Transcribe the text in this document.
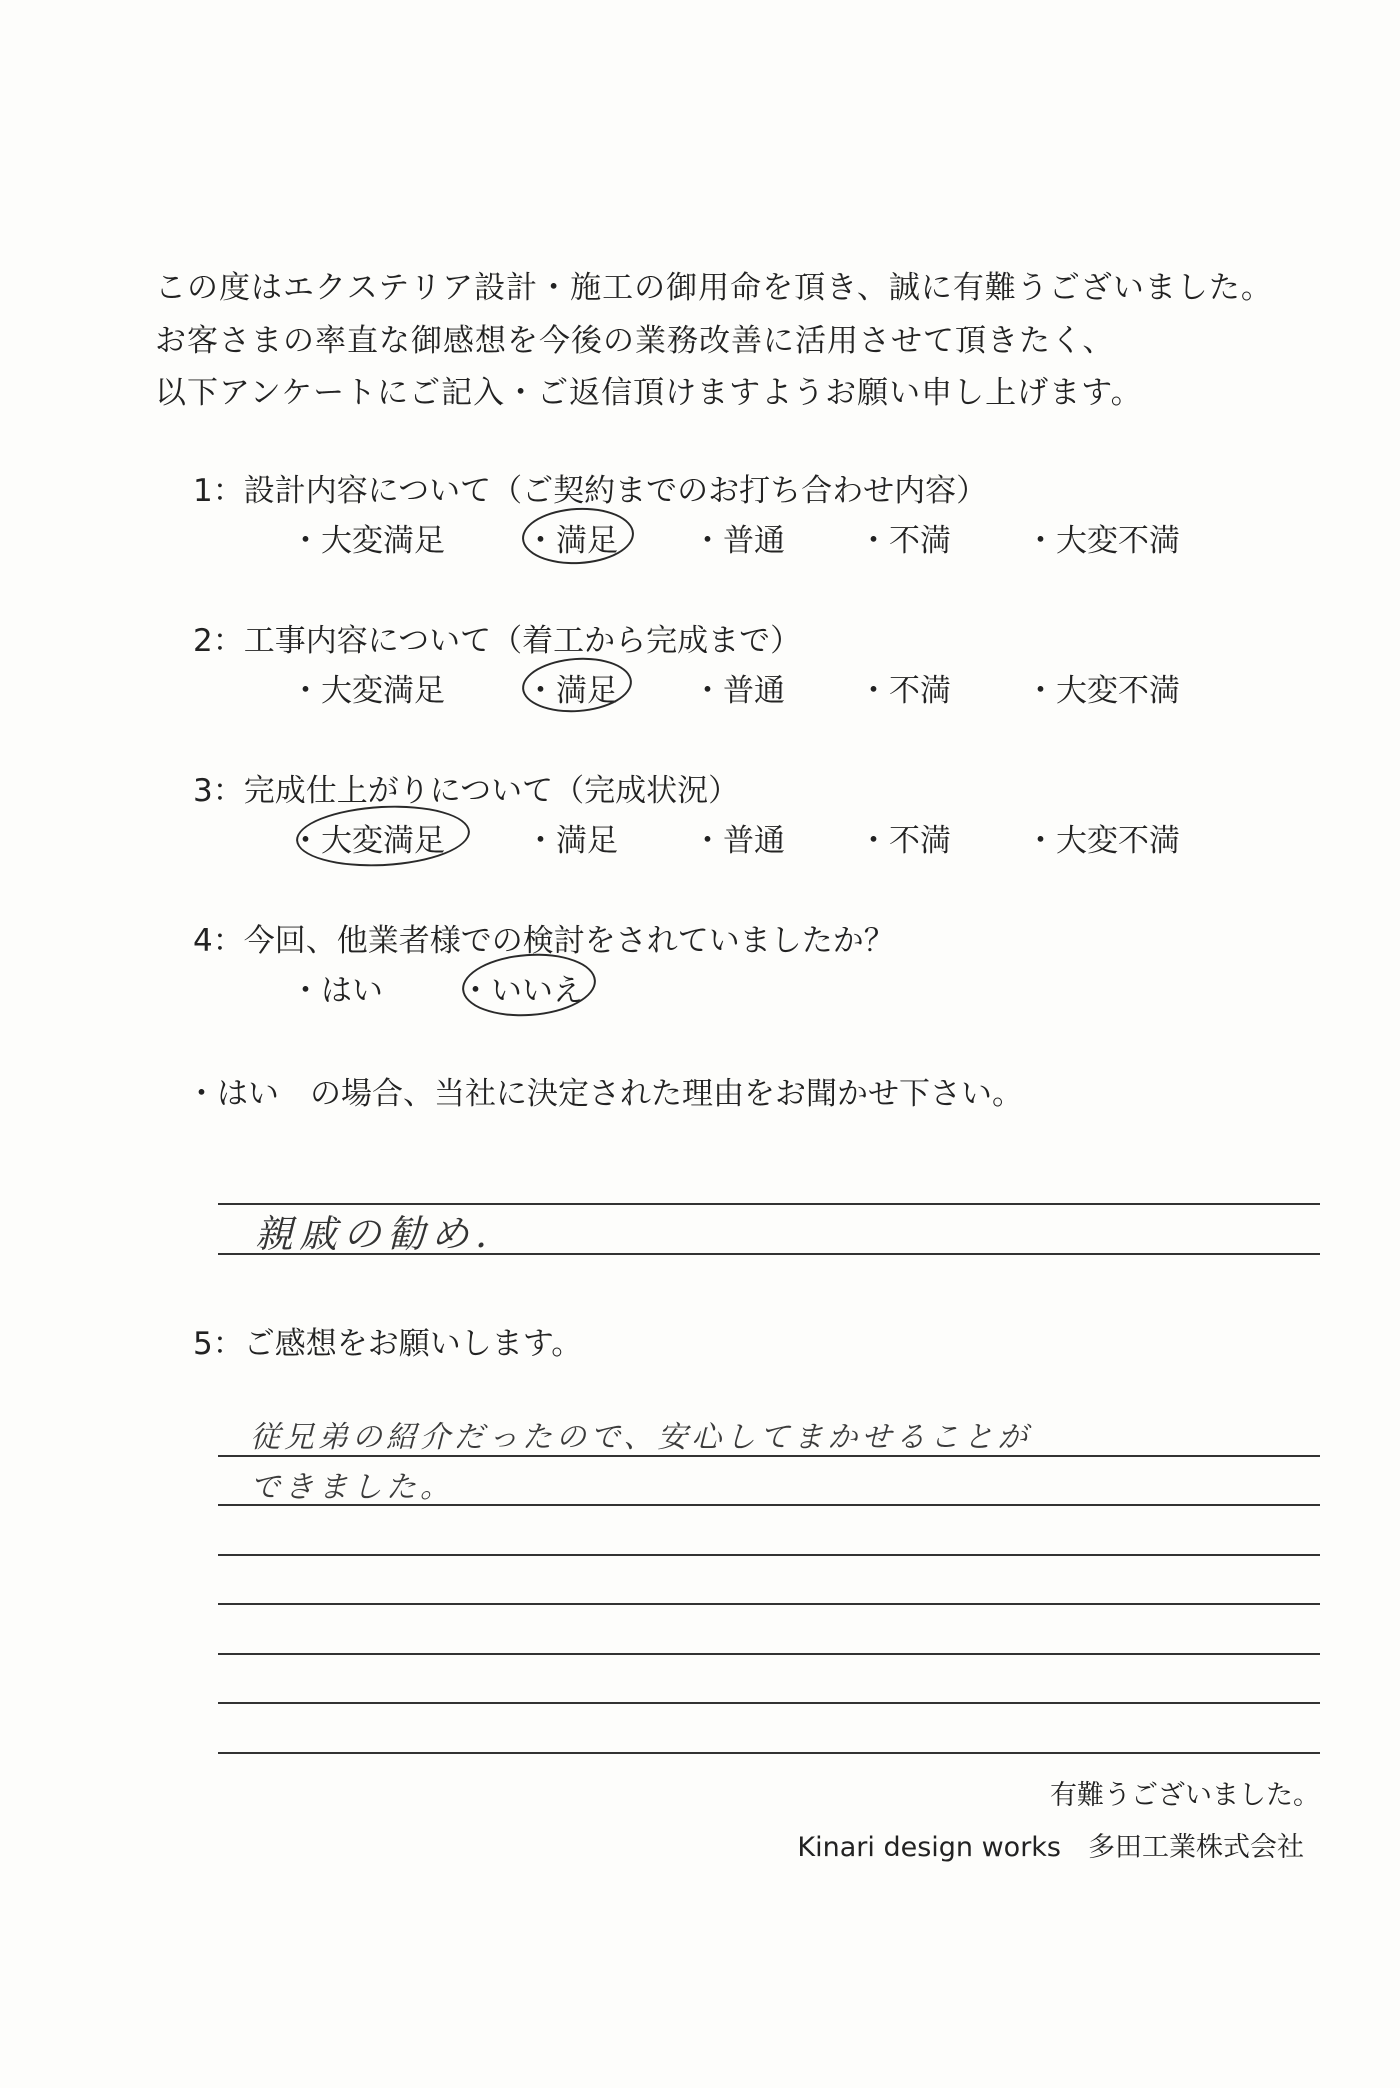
この度はエクステリア設計・施工の御用命を頂き、誠に有難うございました。
お客さまの率直な御感想を今後の業務改善に活用させて頂きたく、
以下アンケートにご記入・ご返信頂けますようお願い申し上げます。
1：設計内容について（ご契約までのお打ち合わせ内容）
・大変満足	・満足 ・普通 ・不満 ・大変不満
2：工事内容について（着工から完成まで）
・大変満足	・満足 ・普通 ・不満 ・大変不満
3：完成仕上がりについて（完成状況）
・大変満足	・満足 ・普通 ・不満 ・大変不満
4：今回、他業者様での検討をされていましたか？
・はい ・いいえ
・はい　の場合、当社に決定された理由をお聞かせ下さい。
親戚の勧め.
5：ご感想をお願いします。
従兄弟の紹介だったので、安心してまかせることが
できました。
有難うございました。
Kinari design works　多田工業株式会社
